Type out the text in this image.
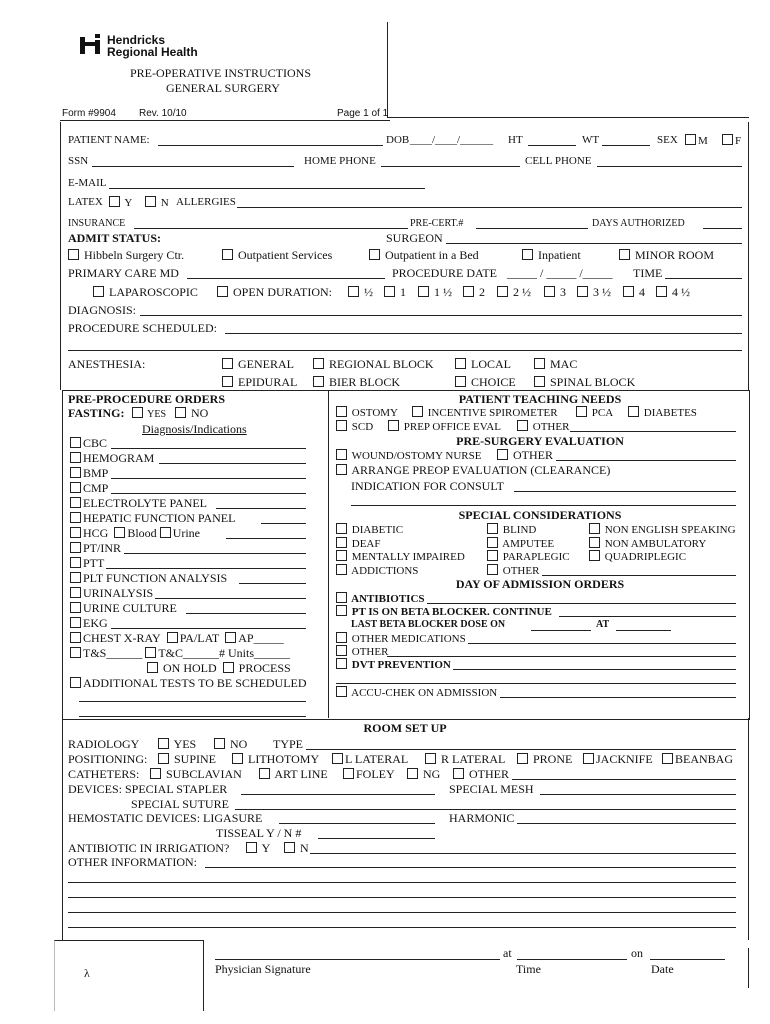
Hendricks
Regional Health
PRE-OPERATIVE INSTRUCTIONS
GENERAL SURGERY
Form #9904 Rev. 10/10	Page 1 of 1
PATIENT NAME:	DOB ____/____/______ HT	WT	SEX	M	F
SSN	HOME PHONE	CELL PHONE
E-MAIL
LATEX	Y	N ALLERGIES
INSURANCE	PRE-CERT.#	DAYS AUTHORIZED
ADMIT STATUS:	SURGEON
Hibbeln Surgery Ctr.	Outpatient Services	Outpatient in a Bed	Inpatient	MINOR ROOM
PRIMARY CARE MD	PROCEDURE DATE _____ / _____ /_____ TIME
LAPAROSCOPIC	OPEN DURATION:	½	1	1 ½	2	2 ½	3	3 ½	4	4 ½
DIAGNOSIS:
PROCEDURE SCHEDULED:
ANESTHESIA:	GENERAL	REGIONAL BLOCK	LOCAL	MAC
EPIDURAL	BIER BLOCK	CHOICE	SPINAL BLOCK
PRE-PROCEDURE ORDERS
FASTING:	YES	NO
Diagnosis/Indications
CBC
HEMOGRAM
BMP
CMP
ELECTROLYTE PANEL
HEPATIC FUNCTION PANEL
HCG Blood Urine
PT/INR
PTT
PLT FUNCTION ANALYSIS
URINALYSIS
URINE CULTURE
EKG
CHEST X-RAY PA/LAT AP_____
T&S______ T&C______# Units______
ON HOLD PROCESS
ADDITIONAL TESTS TO BE SCHEDULED
PATIENT TEACHING NEEDS
OSTOMY	INCENTIVE SPIROMETER	PCA	DIABETES
SCD	PREP OFFICE EVAL	OTHER
PRE-SURGERY EVALUATION
WOUND/OSTOMY NURSE	OTHER
ARRANGE PREOP EVALUATION (CLEARANCE)
INDICATION FOR CONSULT
SPECIAL CONSIDERATIONS
DIABETIC	BLIND	NON ENGLISH SPEAKING
DEAF	AMPUTEE	NON AMBULATORY
MENTALLY IMPAIRED	PARAPLEGIC	QUADRIPLEGIC
ADDICTIONS	OTHER
DAY OF ADMISSION ORDERS
ANTIBIOTICS
PT IS ON BETA BLOCKER. CONTINUE
LAST BETA BLOCKER DOSE ON	AT
OTHER MEDICATIONS
OTHER
DVT PREVENTION
ACCU-CHEK ON ADMISSION
ROOM SET UP
RADIOLOGY	YES	NO TYPE
POSITIONING:	SUPINE	LITHOTOMY	L LATERAL	R LATERAL	PRONE	JACKNIFE	BEANBAG
CATHETERS:	SUBCLAVIAN	ART LINE	FOLEY	NG	OTHER
DEVICES: SPECIAL STAPLER	SPECIAL MESH
SPECIAL SUTURE
HEMOSTATIC DEVICES: LIGASURE	HARMONIC
TISSEAL Y / N #
ANTIBIOTIC IN IRRIGATION?	Y	N
OTHER INFORMATION:
λ
at	on
Physician Signature	Time	Date
